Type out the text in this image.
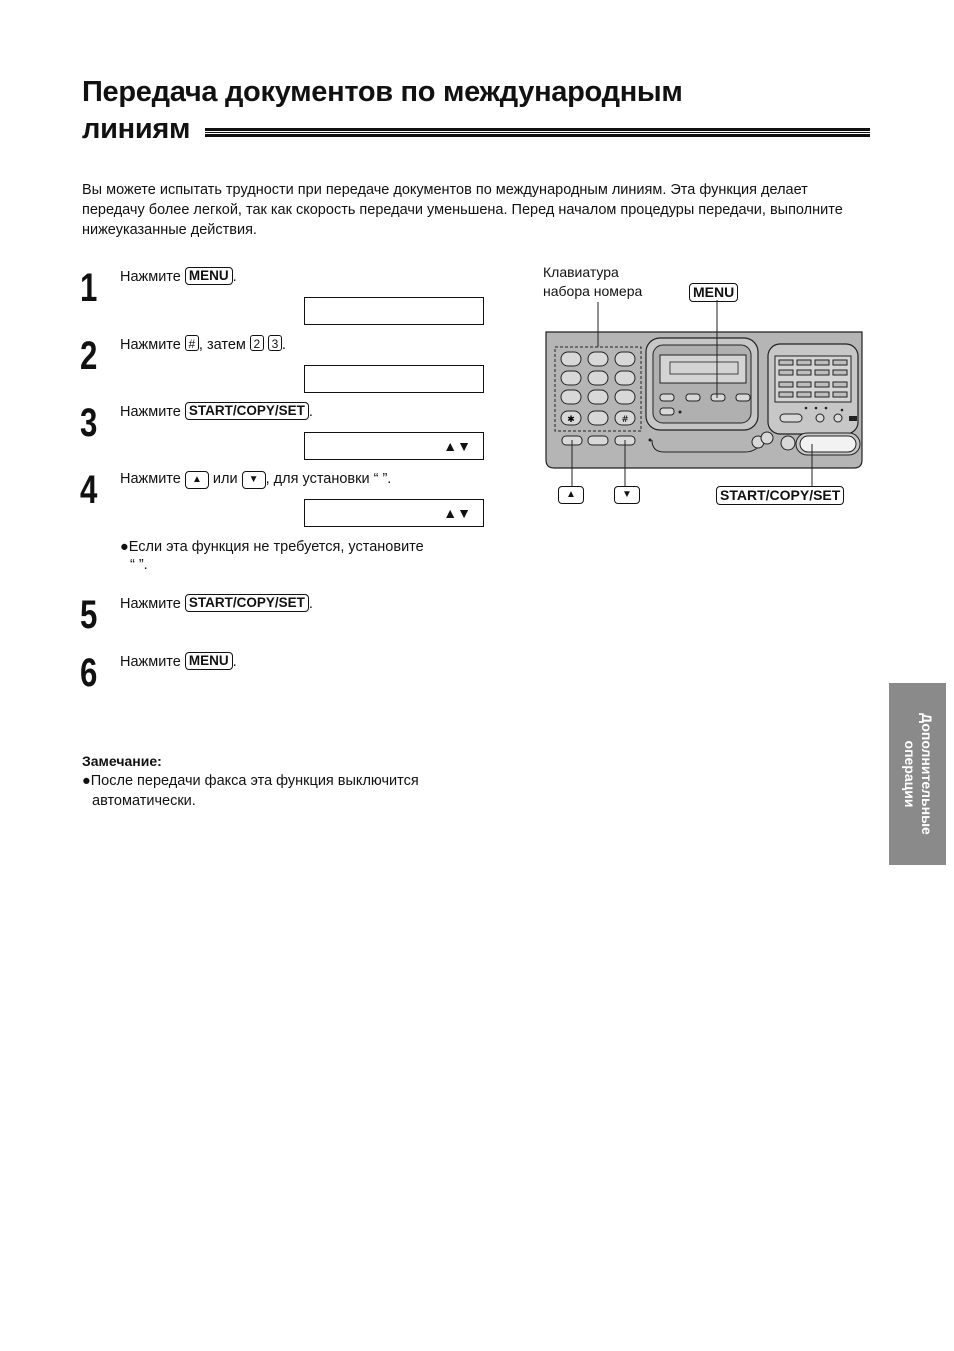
Передача документов по международным
линиям
Вы можете испытать трудности при передаче документов по международным линиям. Эта функция делает передачу более легкой, так как скорость передачи уменьшена. Перед началом процедуры передачи, выполните нижеуказанные действия.
1 Нажмите MENU .
2 Нажмите # , затем 2 3 .
3 Нажмите START/COPY/SET .
▲▼
4 Нажмите ▲ или ▼ , для установки “ ”.
▲▼
●Если эта функция не требуется, установите
“ ”.
5 Нажмите START/COPY/SET .
6 Нажмите MENU .
Замечание:
●После передачи факса эта функция выключится
автоматически.
Клавиатура
набора номера	MENU
✱	#
▲	▼	START/COPY/SET
Дополнительные
операции
